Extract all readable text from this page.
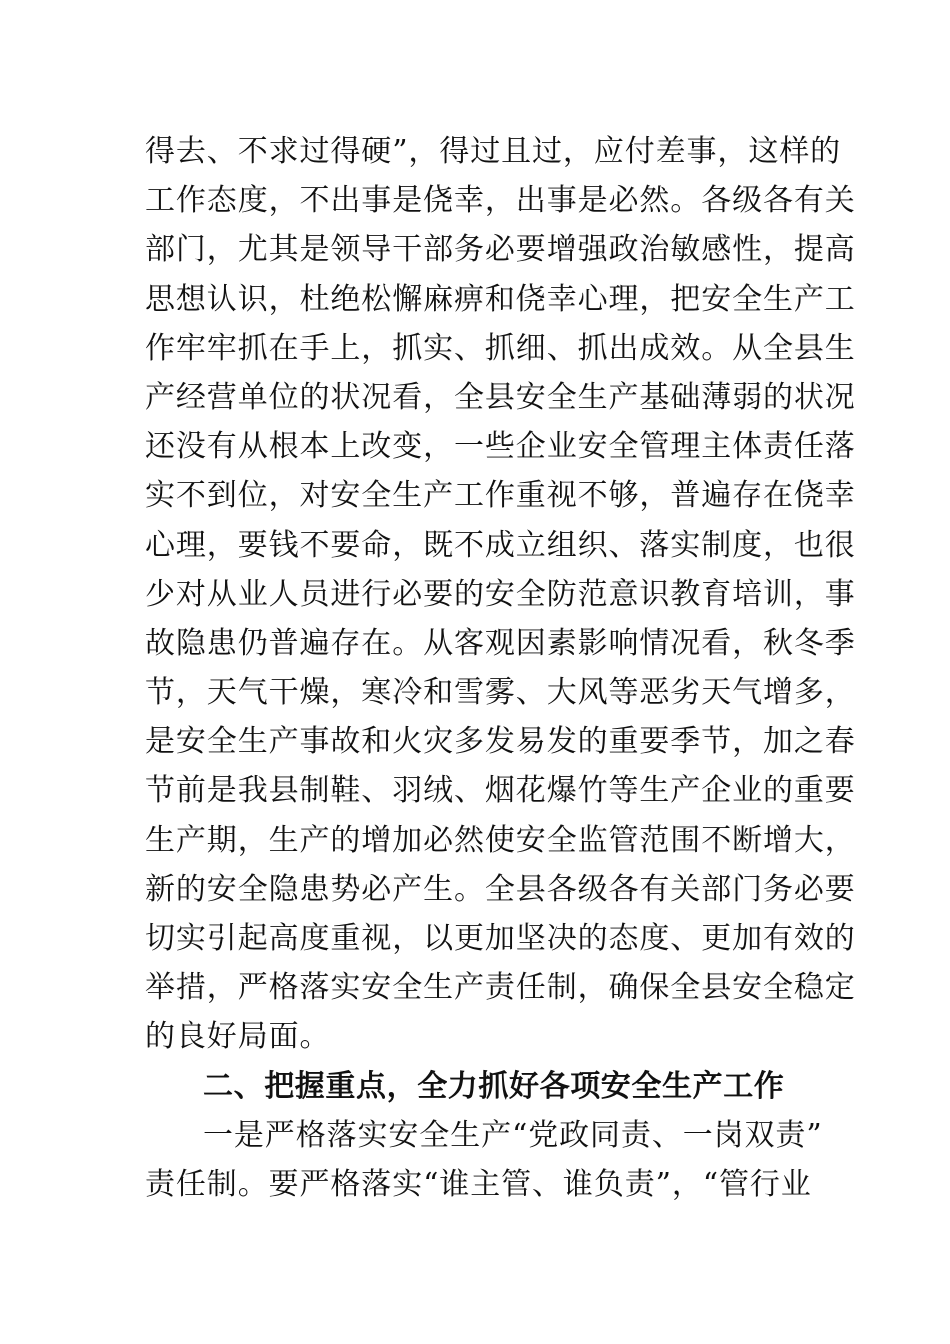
得去、不求过得硬”，得过且过，应付差事，这样的
工作态度，不出事是侥幸，出事是必然。各级各有关
部门，尤其是领导干部务必要增强政治敏感性，提高
思想认识，杜绝松懈麻痹和侥幸心理，把安全生产工
作牢牢抓在手上，抓实、抓细、抓出成效。从全县生
产经营单位的状况看，全县安全生产基础薄弱的状况
还没有从根本上改变，一些企业安全管理主体责任落
实不到位，对安全生产工作重视不够，普遍存在侥幸
心理，要钱不要命，既不成立组织、落实制度，也很
少对从业人员进行必要的安全防范意识教育培训，事
故隐患仍普遍存在。从客观因素影响情况看，秋冬季
节，天气干燥，寒冷和雪雾、大风等恶劣天气增多，
是安全生产事故和火灾多发易发的重要季节，加之春
节前是我县制鞋、羽绒、烟花爆竹等生产企业的重要
生产期，生产的增加必然使安全监管范围不断增大，
新的安全隐患势必产生。全县各级各有关部门务必要
切实引起高度重视，以更加坚决的态度、更加有效的
举措，严格落实安全生产责任制，确保全县安全稳定
的良好局面。
二、把握重点，全力抓好各项安全生产工作
一是严格落实安全生产“党政同责、一岗双责”
责任制。要严格落实“谁主管、谁负责”，“管行业
